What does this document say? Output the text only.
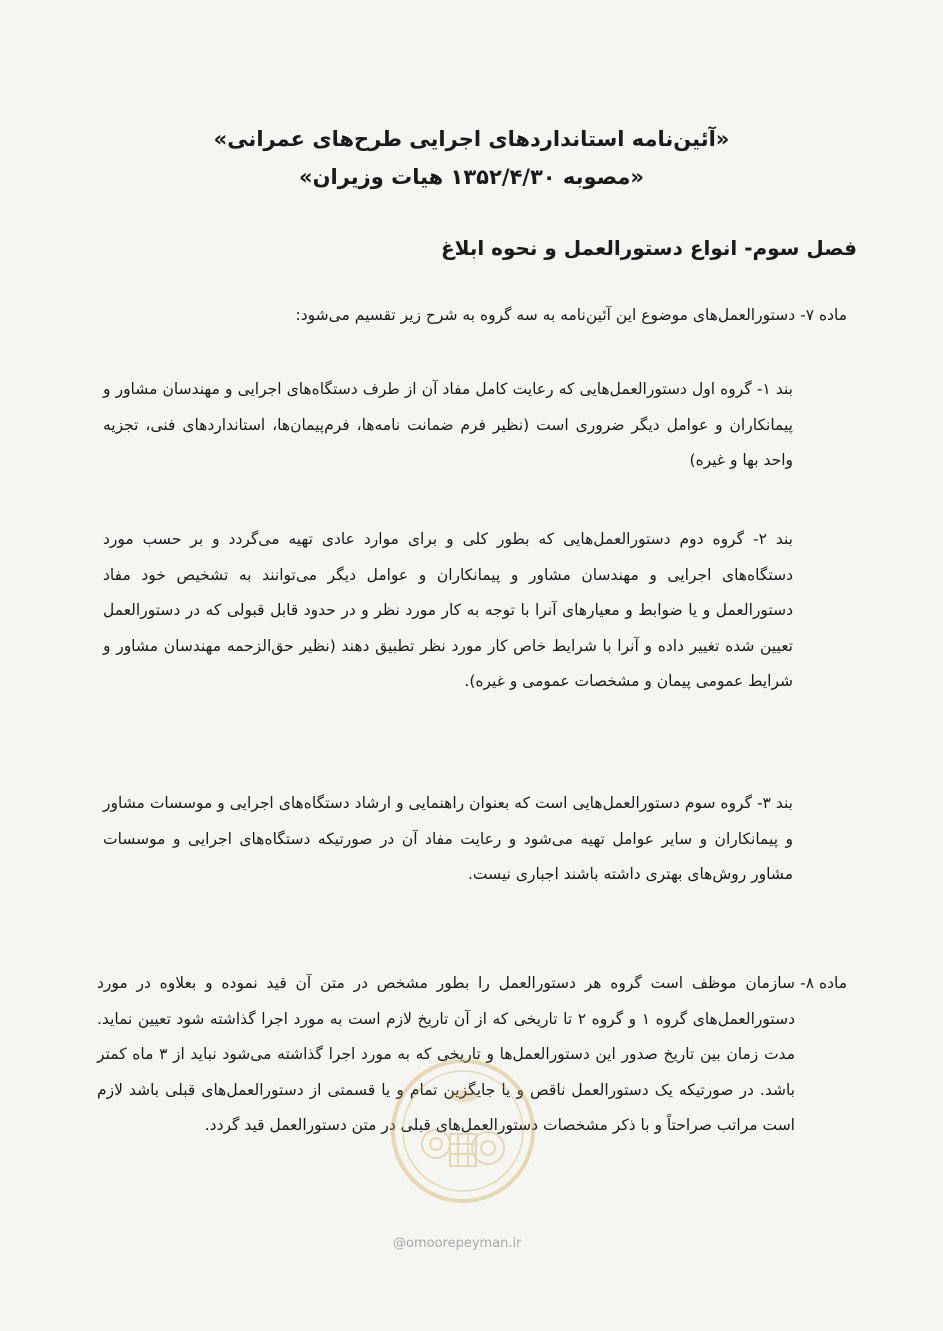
«آئین‌نامه استانداردهای اجرایی طرح‌های عمرانی»

«مصوبه ۱۳۵۲/۴/۳۰ هیات وزیران»

فصل سوم- انواع دستورالعمل و نحوه ابلاغ

ماده ۷- دستورالعمل‌های موضوع این آئین‌نامه به سه گروه به شرح زیر تقسیم می‌شود:

بند ۱- گروه اول دستورالعمل‌هایی که رعایت کامل مفاد آن از طرف دستگاه‌های اجرایی و مهندسان مشاور و پیمانکاران و عوامل دیگر ضروری است (نظیر فرم ضمانت نامه‌ها، فرم‌پیمان‌ها، استانداردهای فنی، تجزیه واحد بها و غیره)

بند ۲- گروه دوم دستورالعمل‌هایی که بطور کلی و برای موارد عادی تهیه می‌گردد و بر حسب مورد دستگاه‌های اجرایی و مهندسان مشاور و پیمانکاران و عوامل دیگر می‌توانند به تشخیص خود مفاد دستورالعمل و یا ضوابط و معیارهای آنرا با توجه به کار مورد نظر و در حدود قابل قبولی که در دستورالعمل تعیین شده تغییر داده و آنرا با شرایط خاص کار مورد نظر تطبیق دهند (نظیر حق‌الزحمه مهندسان مشاور و شرایط عمومی پیمان و مشخصات عمومی و غیره).

بند ۳- گروه سوم دستورالعمل‌هایی است که بعنوان راهنمایی و ارشاد دستگاه‌های اجرایی و موسسات مشاور و پیمانکاران و سایر عوامل تهیه می‌شود و رعایت مفاد آن در صورتیکه دستگاه‌های اجرایی و موسسات مشاور روش‌های بهتری داشته باشند اجباری نیست.

ماده ۸-
سازمان موظف است گروه هر دستورالعمل را بطور مشخص در متن آن قید نموده و بعلاوه در مورد دستورالعمل‌های گروه ۱ و گروه ۲ تا تاریخی که از آن تاریخ لازم است به مورد اجرا گذاشته شود تعیین نماید. مدت زمان بین تاریخ صدور این دستورالعمل‌ها و تاریخی که به مورد اجرا گذاشته می‌شود نباید از ۳ ماه کمتر باشد. در صورتیکه یک دستورالعمل ناقص و یا جایگزین تمام و یا قسمتی از دستورالعمل‌های قبلی باشد لازم است مراتب صراحتاً و با ذکر مشخصات دستورالعمل‌های قبلی در متن دستورالعمل قید گردد.

@omoorepeyman.ir
